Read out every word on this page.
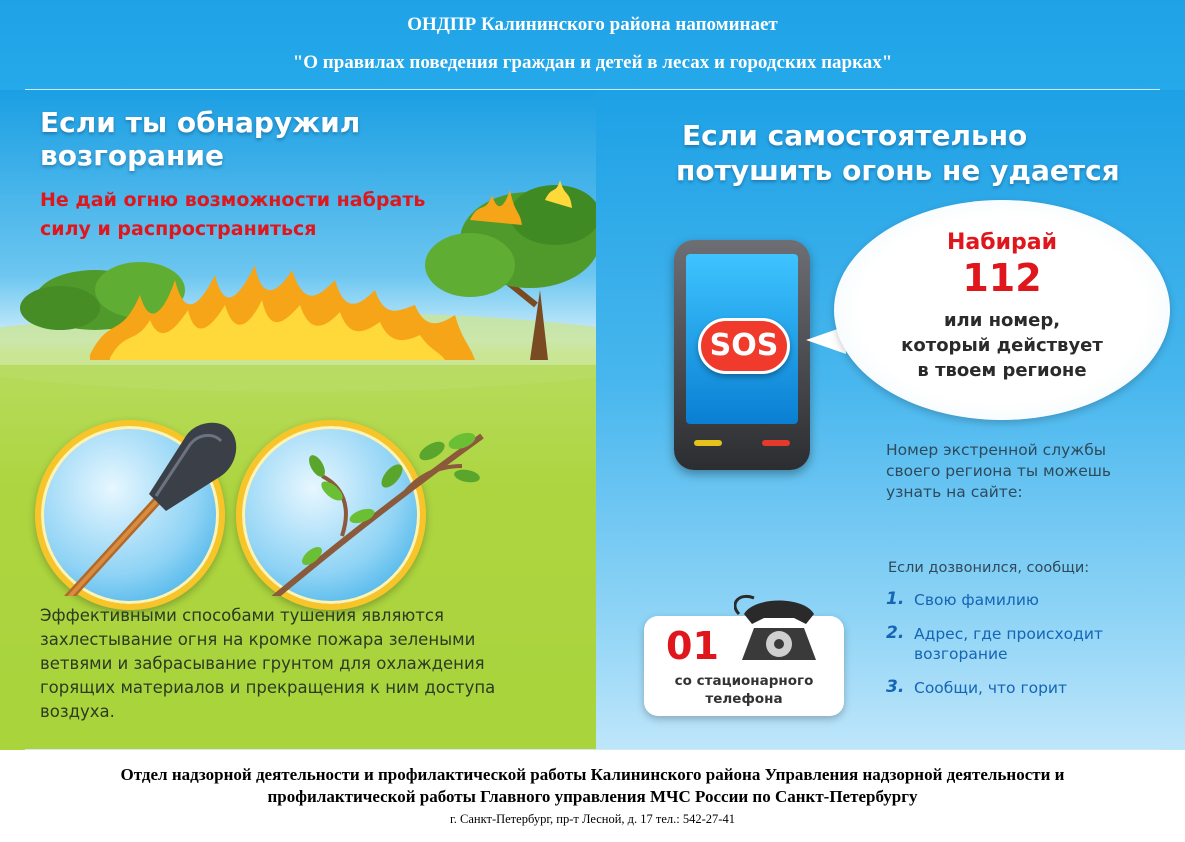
ОНДПР Калининского района напоминает
"О правилах поведения граждан и детей в лесах и городских парках"
Если ты обнаружил
возгорание
Не дай огню возможности набрать
силу и распространиться
Эффективными способами тушения являются
захлестывание огня на кромке пожара зелеными
ветвями и забрасывание грунтом для охлаждения
горящих материалов и прекращения к ним доступа
воздуха.
Если самостоятельно
потушить огонь не удается
SOS
Набирай
112
или номер,
который действует
в твоем регионе
Номер экстренной службы
своего региона ты можешь
узнать на сайте:
Если дозвонился, сообщи:
1. Свою фамилию
2. Адрес, где происходит возгорание
3. Сообщи, что горит
01
со стационарного
телефона
Отдел надзорной деятельности и профилактической работы Калининского района Управления надзорной деятельности и профилактической работы Главного управления МЧС России по Санкт-Петербургу
г. Санкт-Петербург, пр-т Лесной, д. 17 тел.: 542-27-41
